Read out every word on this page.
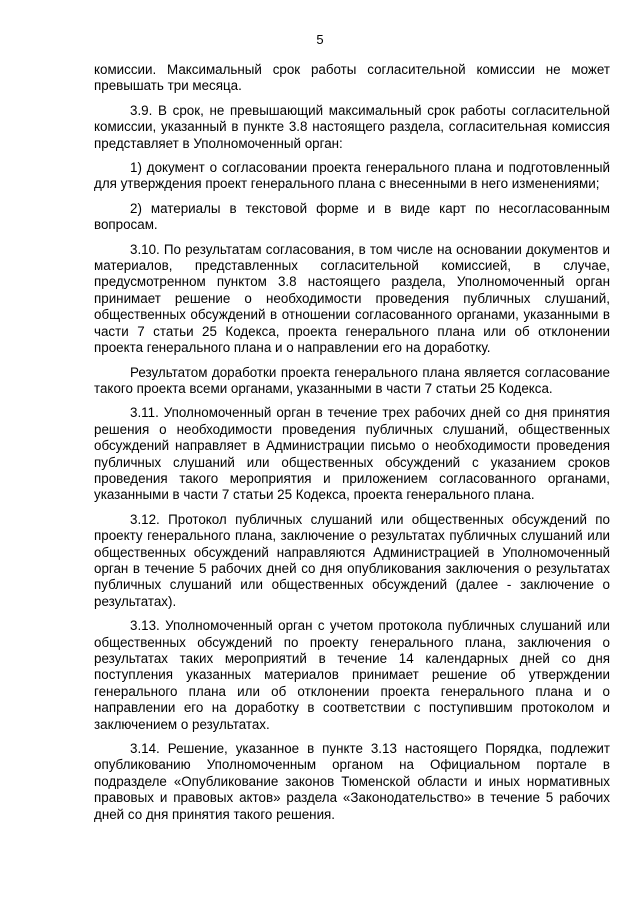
5

комиссии. Максимальный срок работы согласительной комиссии не может превышать три месяца.

3.9. В срок, не превышающий максимальный срок работы согласительной комиссии, указанный в пункте 3.8 настоящего раздела, согласительная комиссия представляет в Уполномоченный орган:

1) документ о согласовании проекта генерального плана и подготовленный для утверждения проект генерального плана с внесенными в него изменениями;

2) материалы в текстовой форме и в виде карт по несогласованным вопросам.

3.10. По результатам согласования, в том числе на основании документов и материалов, представленных согласительной комиссией, в случае, предусмотренном пунктом 3.8 настоящего раздела, Уполномоченный орган принимает решение о необходимости проведения публичных слушаний, общественных обсуждений в отношении согласованного органами, указанными в части 7 статьи 25 Кодекса, проекта генерального плана или об отклонении проекта генерального плана и о направлении его на доработку.

Результатом доработки проекта генерального плана является согласование такого проекта всеми органами, указанными в части 7 статьи 25 Кодекса.

3.11. Уполномоченный орган в течение трех рабочих дней со дня принятия решения о необходимости проведения публичных слушаний, общественных обсуждений направляет в Администрации письмо о необходимости проведения публичных слушаний или общественных обсуждений с указанием сроков проведения такого мероприятия и приложением согласованного органами, указанными в части 7 статьи 25 Кодекса, проекта генерального плана.

3.12. Протокол публичных слушаний или общественных обсуждений по проекту генерального плана, заключение о результатах публичных слушаний или общественных обсуждений направляются Администрацией в Уполномоченный орган в течение 5 рабочих дней со дня опубликования заключения о результатах публичных слушаний или общественных обсуждений (далее - заключение о результатах).

3.13. Уполномоченный орган с учетом протокола публичных слушаний или общественных обсуждений по проекту генерального плана, заключения о результатах таких мероприятий в течение 14 календарных дней со дня поступления указанных материалов принимает решение об утверждении генерального плана или об отклонении проекта генерального плана и о направлении его на доработку в соответствии с поступившим протоколом и заключением о результатах.

3.14. Решение, указанное в пункте 3.13 настоящего Порядка, подлежит опубликованию Уполномоченным органом на Официальном портале в подразделе «Опубликование законов Тюменской области и иных нормативных правовых и правовых актов» раздела «Законодательство» в течение 5 рабочих дней со дня принятия такого решения.
